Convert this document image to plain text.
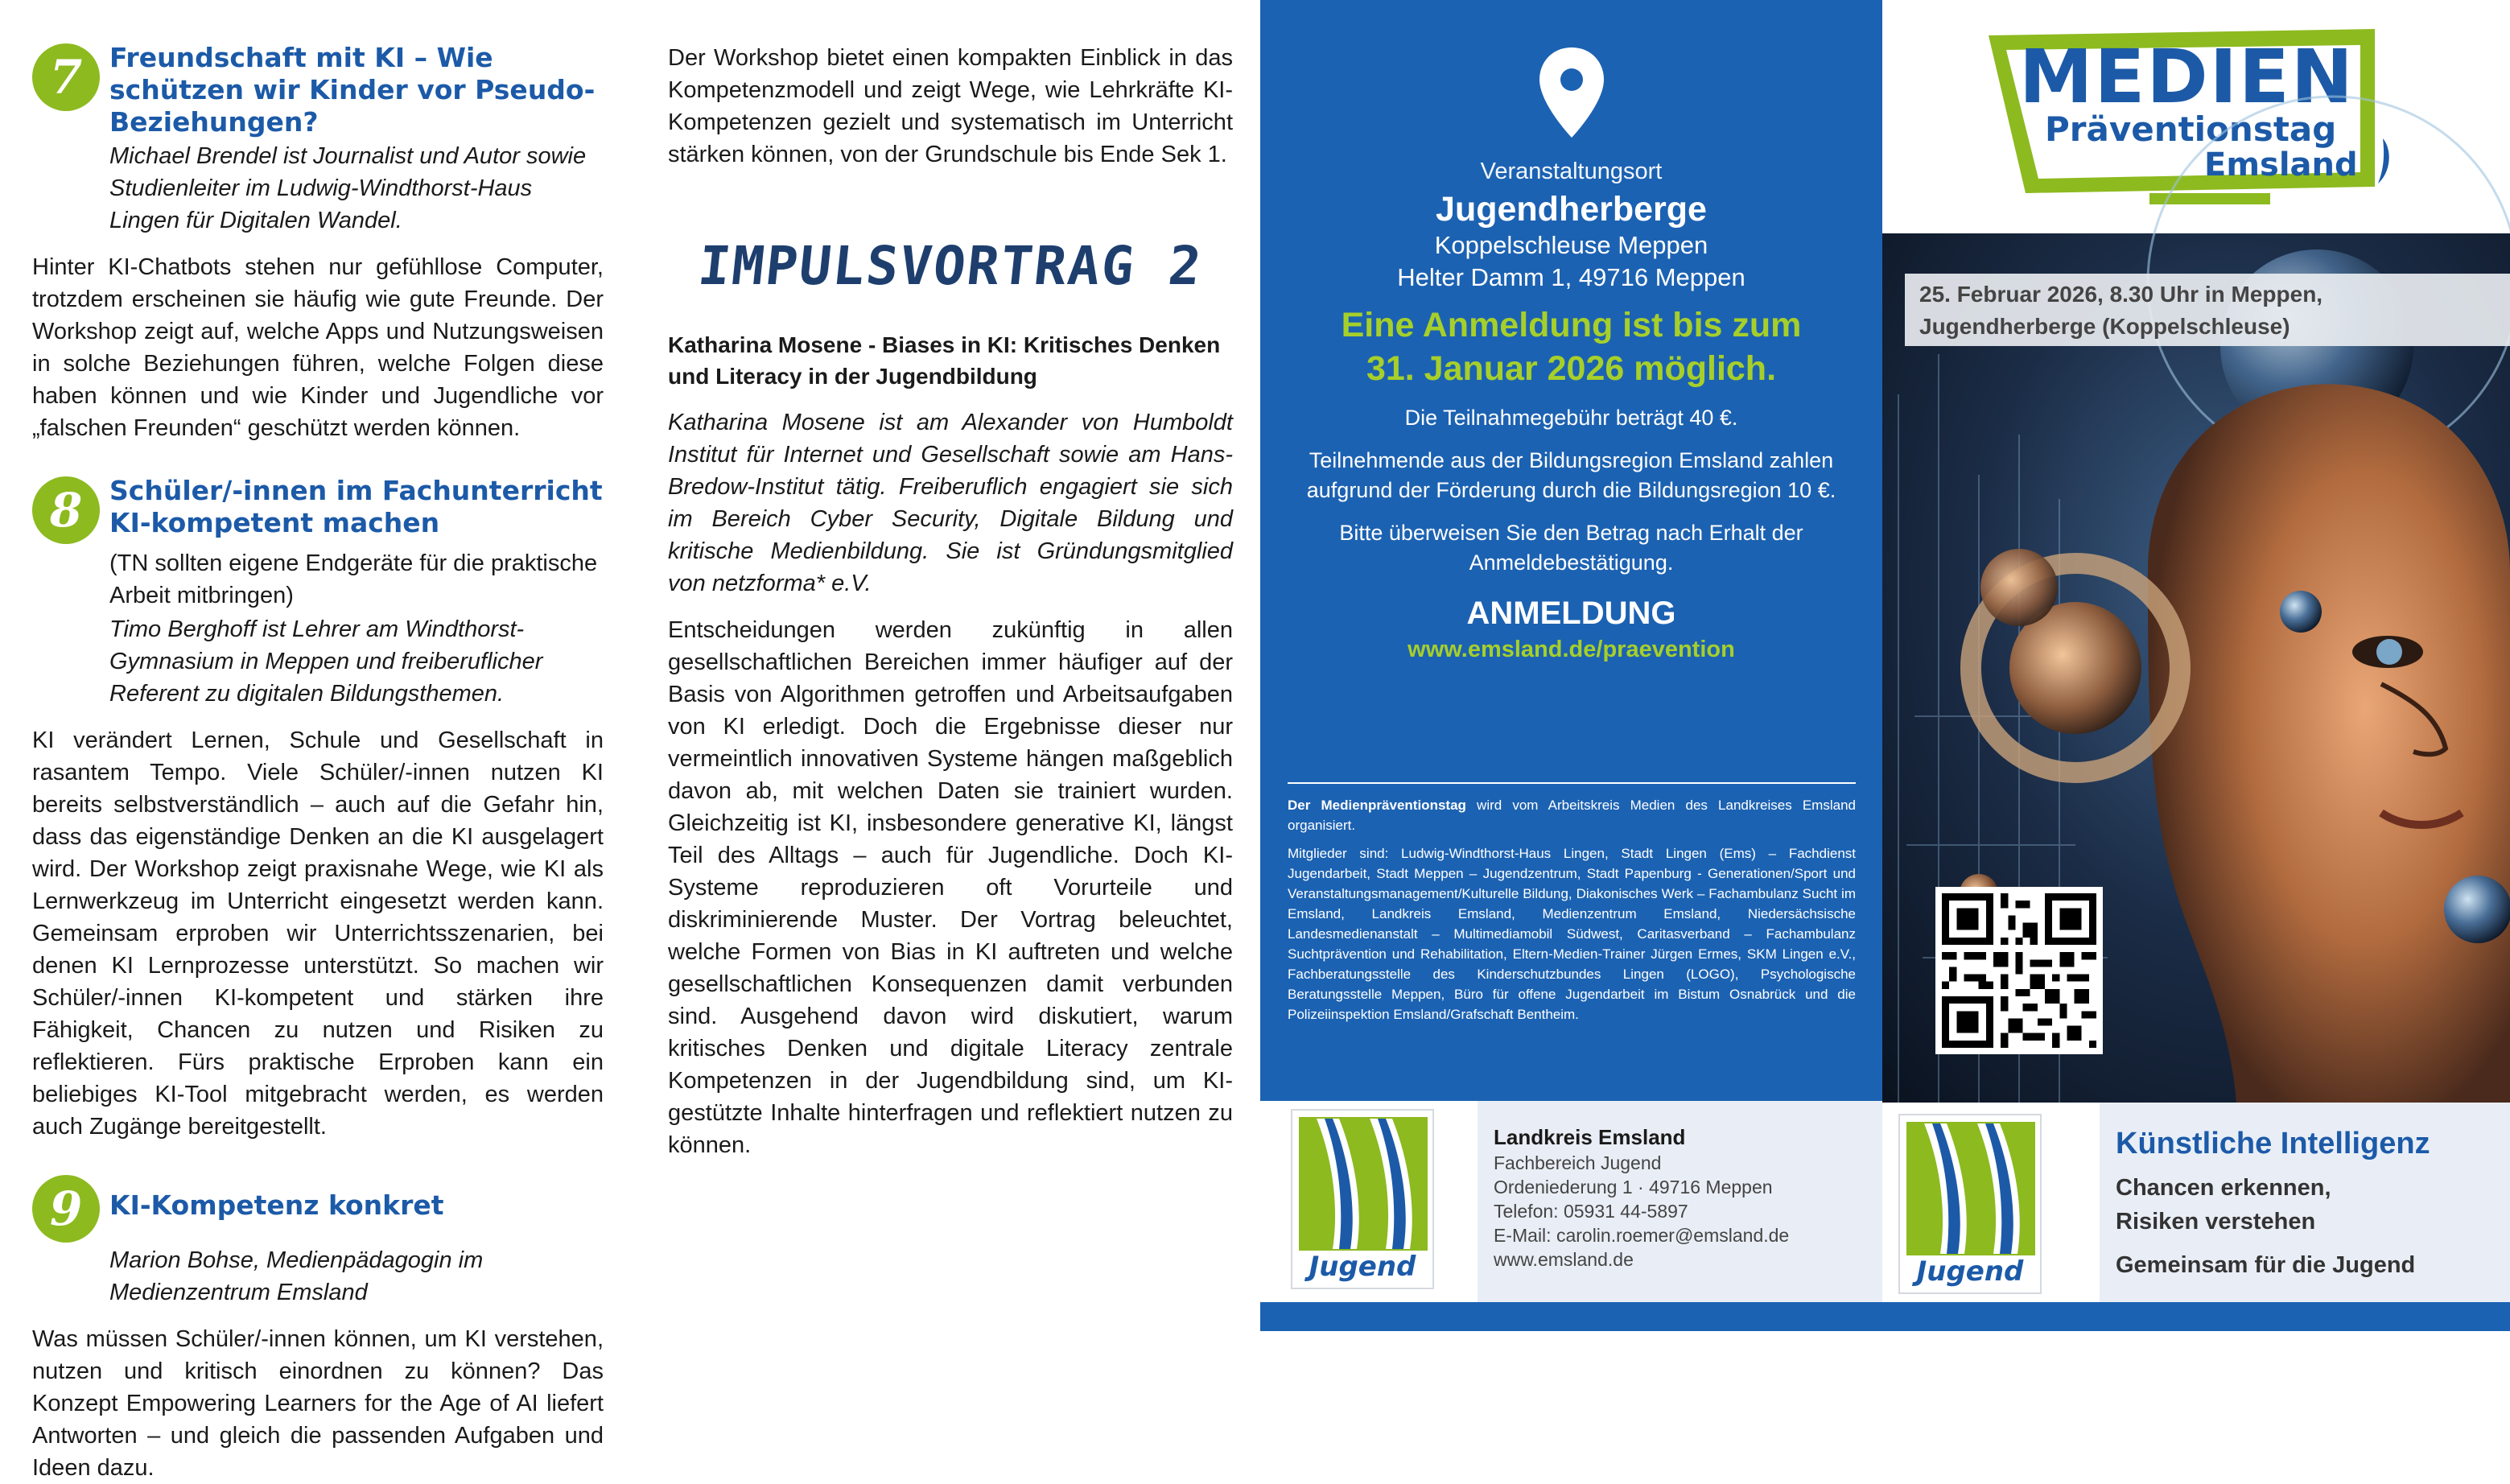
7	Freundschaft mit KI – Wie schützen wir Kinder vor Pseudo-Beziehungen?
Michael Brendel ist Journalist und Autor sowie Studienleiter im Ludwig-Windthorst-Haus Lingen für Digitalen Wandel.

Hinter KI-Chatbots stehen nur gefühllose Computer, trotzdem erscheinen sie häufig wie gute Freunde. Der Workshop zeigt auf, welche Apps und Nutzungsweisen in solche Beziehungen führen, welche Folgen diese haben können und wie Kinder und Jugendliche vor „falschen Freunden“ geschützt werden können.

8	Schüler/-innen im Fachunterricht KI-kompetent machen
(TN sollten eigene Endgeräte für die praktische Arbeit mitbringen)
Timo Berghoff ist Lehrer am Windthorst-Gymnasium in Meppen und freiberuflicher Referent zu digitalen Bildungsthemen.

KI verändert Lernen, Schule und Gesellschaft in rasantem Tempo. Viele Schüler/-innen nutzen KI bereits selbstverständlich – auch auf die Gefahr hin, dass das eigenständige Denken an die KI ausgelagert wird. Der Workshop zeigt praxisnahe Wege, wie KI als Lernwerkzeug im Unterricht eingesetzt werden kann. Gemeinsam erproben wir Unterrichtsszenarien, bei denen KI Lernprozesse unterstützt. So machen wir Schüler/-innen KI-kompetent und stärken ihre Fähigkeit, Chancen zu nutzen und Risiken zu reflektieren. Fürs praktische Erproben kann ein beliebiges KI-Tool mitgebracht werden, es werden auch Zugänge bereitgestellt.

9	KI-Kompetenz konkret
Marion Bohse, Medienpädagogin im Medienzentrum Emsland

Was müssen Schüler/-innen können, um KI verstehen, nutzen und kritisch einordnen zu können? Das Konzept Empowering Learners for the Age of AI liefert Antworten – und gleich die passenden Aufgaben und Ideen dazu.

Der Workshop bietet einen kompakten Einblick in das Kompetenzmodell und zeigt Wege, wie Lehrkräfte KI-Kompetenzen gezielt und systematisch im Unterricht stärken können, von der Grundschule bis Ende Sek 1.

IMPULSVORTRAG 2
Katharina Mosene - Biases in KI: Kritisches Denken und Literacy in der Jugendbildung

Katharina Mosene ist am Alexander von Humboldt Institut für Internet und Gesellschaft sowie am Hans-Bredow-Institut tätig. Freiberuflich engagiert sie sich im Bereich Cyber Security, Digitale Bildung und kritische Medienbildung. Sie ist Gründungsmitglied von netzforma* e.V.

Entscheidungen werden zukünftig in allen gesellschaftlichen Bereichen immer häufiger auf der Basis von Algorithmen getroffen und Arbeitsaufgaben von KI erledigt. Doch die Ergebnisse dieser nur vermeintlich innovativen Systeme hängen maßgeblich davon ab, mit welchen Daten sie trainiert wurden. Gleichzeitig ist KI, insbesondere generative KI, längst Teil des Alltags – auch für Jugendliche. Doch KI-Systeme reproduzieren oft Vorurteile und diskriminierende Muster. Der Vortrag beleuchtet, welche Formen von Bias in KI auftreten und welche gesellschaftlichen Konsequenzen damit verbunden sind. Ausgehend davon wird diskutiert, warum kritisches Denken und digitale Literacy zentrale Kompetenzen in der Jugendbildung sind, um KI-gestützte Inhalte hinterfragen und reflektiert nutzen zu können.

Veranstaltungsort
Jugendherberge
Koppelschleuse Meppen
Helter Damm 1, 49716 Meppen
Eine Anmeldung ist bis zum
31. Januar 2026 möglich.

Die Teilnahmegebühr beträgt 40 €.

Teilnehmende aus der Bildungsregion Emsland zahlen aufgrund der Förderung durch die Bildungsregion 10 €.

Bitte überweisen Sie den Betrag nach Erhalt der Anmeldebestätigung.

ANMELDUNG
www.emsland.de/praevention

Der Medienpräventionstag wird vom Arbeitskreis Medien des Landkreises Emsland organisiert.

Mitglieder sind: Ludwig-Windthorst-Haus Lingen, Stadt Lingen (Ems) – Fachdienst Jugendarbeit, Stadt Meppen – Jugendzentrum, Stadt Papenburg - Generationen/Sport und Veranstaltungsmanagement/Kulturelle Bildung, Diakonisches Werk – Fachambulanz Sucht im Emsland, Landkreis Emsland, Medienzentrum Emsland, Niedersächsische Landesmedienanstalt – Multimediamobil Südwest, Caritasverband – Fachambulanz Suchtprävention und Rehabilitation, Eltern-Medien-Trainer Jürgen Ermes, SKM Lingen e.V., Fachberatungsstelle des Kinderschutzbundes Lingen (LOGO), Psychologische Beratungsstelle Meppen, Büro für offene Jugendarbeit im Bistum Osnabrück und die Polizeiinspektion Emsland/Grafschaft Bentheim.

Jugend
Landkreis Emsland
Fachbereich Jugend
Ordeniederung 1 · 49716 Meppen
Telefon: 05931 44-5897
E-Mail: carolin.roemer@emsland.de
www.emsland.de
MEDIEN
Präventionstag
Emsland
25. Februar 2026, 8.30 Uhr in Meppen,
Jugendherberge (Koppelschleuse)
Jugend
Künstliche Intelligenz
Chancen erkennen,
Risiken verstehen
Gemeinsam für die Jugend
